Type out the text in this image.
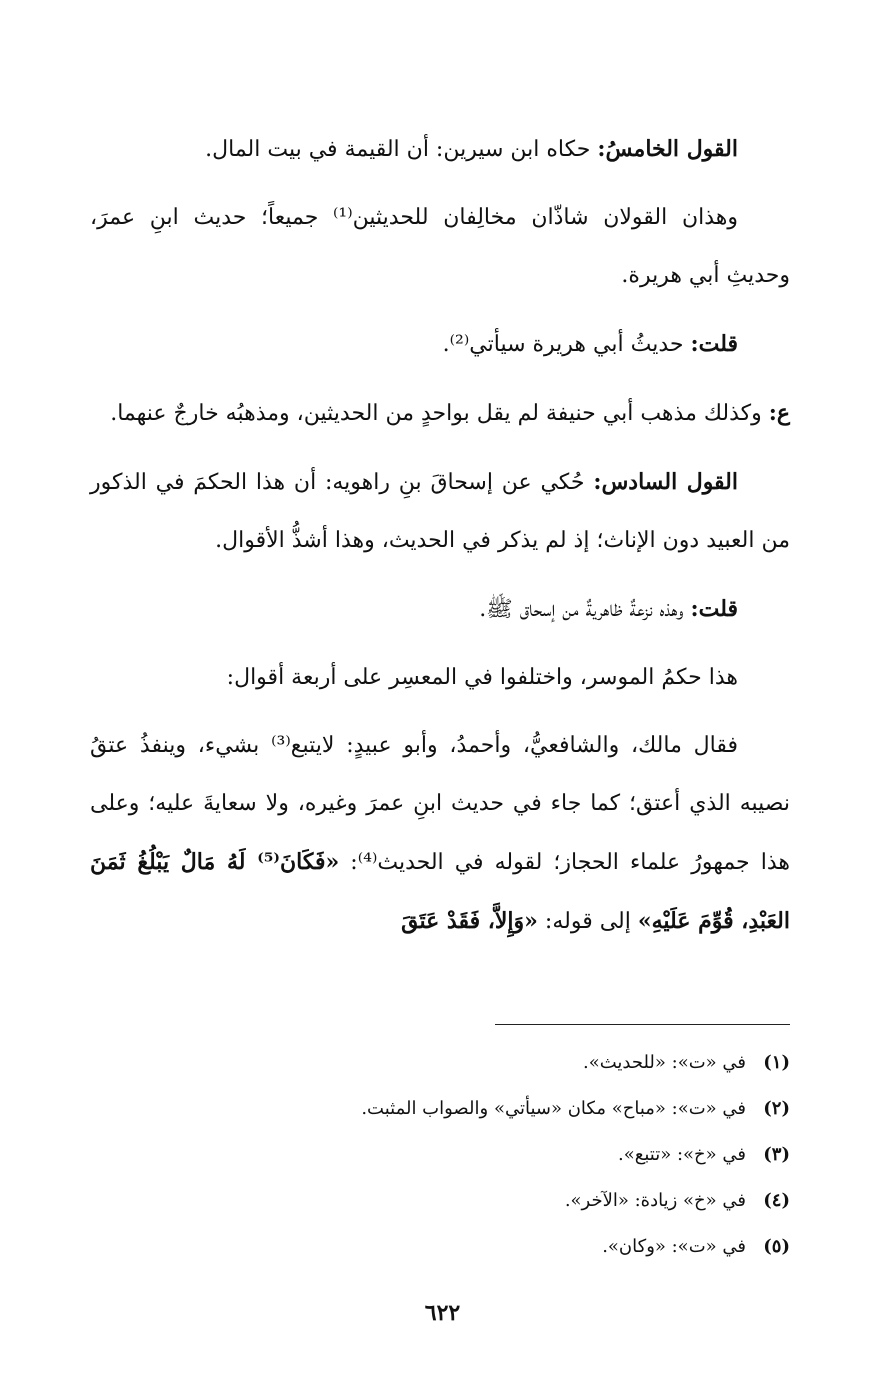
القول الخامسُ: حكاه ابن سيرين: أن القيمة في بيت المال.

وهذان القولان شاذّان مخالِفان للحديثين⁽¹⁾ جميعاً؛ حديث ابنِ عمرَ، وحديثِ أبي هريرة.

قلت: حديثُ أبي هريرة سيأتي⁽²⁾.

ع: وكذلك مذهب أبي حنيفة لم يقل بواحدٍ من الحديثين، ومذهبُه خارجٌ عنهما.

القول السادس: حُكي عن إسحاقَ بنِ راهويه: أن هذا الحكمَ في الذكور من العبيد دون الإناث؛ إذ لم يذكر في الحديث، وهذا أشذُّ الأقوال.

قلت: وهذه نزعةٌ ظاهريةٌ من إسحاق ﷺ.

هذا حكمُ الموسر، واختلفوا في المعسِر على أربعة أقوال:

فقال مالك، والشافعيُّ، وأحمدُ، وأبو عبيدٍ: لايتبع⁽³⁾ بشيء، وينفذُ عتقُ نصيبه الذي أعتق؛ كما جاء في حديث ابنِ عمرَ وغيره، ولا سعايةَ عليه؛ وعلى هذا جمهورُ علماء الحجاز؛ لقوله في الحديث⁽⁴⁾: «فَكَانَ⁽⁵⁾ لَهُ مَالٌ يَبْلُغُ ثَمَنَ العَبْدِ، قُوِّمَ عَلَيْهِ» إلى قوله: «وَإِلاَّ، فَقَدْ عَتَقَ

(١)في «ت»: «للحديث».
(٢)في «ت»: «مباح» مكان «سيأتي» والصواب المثبت.
(٣)في «خ»: «تتبع».
(٤)في «خ» زيادة: «الآخر».
(٥)في «ت»: «وكان».
٦٢٢
